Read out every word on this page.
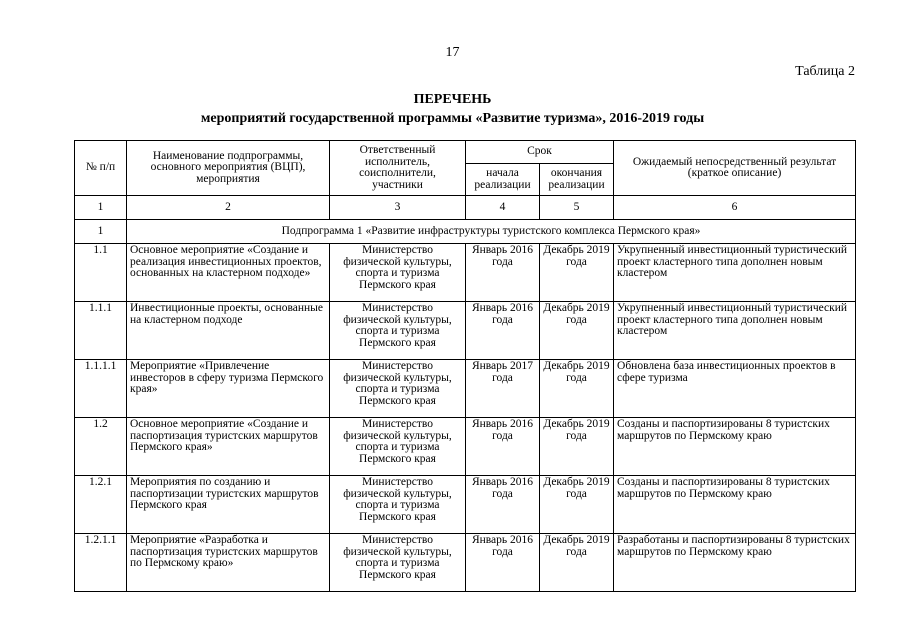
17
Таблица 2
ПЕРЕЧЕНЬ
мероприятий государственной программы «Развитие туризма», 2016-2019 годы
№ п/п	Наименование подпрограммы, основного мероприятия (ВЦП), мероприятия	Ответственный исполнитель, соисполнители, участники	Срок		Ожидаемый непосредственный результат (краткое описание)
			начала реализации	окончания реализации	
1	2	3	4	5	6
1	Подпрограмма 1 «Развитие инфраструктуры туристского комплекса Пермского края»				
1.1	Основное мероприятие «Создание и реализация инвестиционных проектов, основанных на кластерном подходе»	Министерство физической культуры, спорта и туризма Пермского края	Январь 2016 года	Декабрь 2019 года	Укрупненный инвестиционный туристический проект кластерного типа дополнен новым кластером
1.1.1	Инвестиционные проекты, основанные на кластерном подходе	Министерство физической культуры, спорта и туризма Пермского края	Январь 2016 года	Декабрь 2019 года	Укрупненный инвестиционный туристический проект кластерного типа дополнен новым кластером
1.1.1.1	Мероприятие «Привлечение инвесторов в сферу туризма Пермского края»	Министерство физической культуры, спорта и туризма Пермского края	Январь 2017 года	Декабрь 2019 года	Обновлена база инвестиционных проектов в сфере туризма
1.2	Основное мероприятие «Создание и паспортизация туристских маршрутов Пермского края»	Министерство физической культуры, спорта и туризма Пермского края	Январь 2016 года	Декабрь 2019 года	Созданы и паспортизированы 8 туристских маршрутов по Пермскому краю
1.2.1	Мероприятия по созданию и паспортизации туристских маршрутов Пермского края	Министерство физической культуры, спорта и туризма Пермского края	Январь 2016 года	Декабрь 2019 года	Созданы и паспортизированы 8 туристских маршрутов по Пермскому краю
1.2.1.1	Мероприятие «Разработка и паспортизация туристских маршрутов по Пермскому краю»	Министерство физической культуры, спорта и туризма Пермского края	Январь 2016 года	Декабрь 2019 года	Разработаны и паспортизированы 8 туристских маршрутов по Пермскому краю
